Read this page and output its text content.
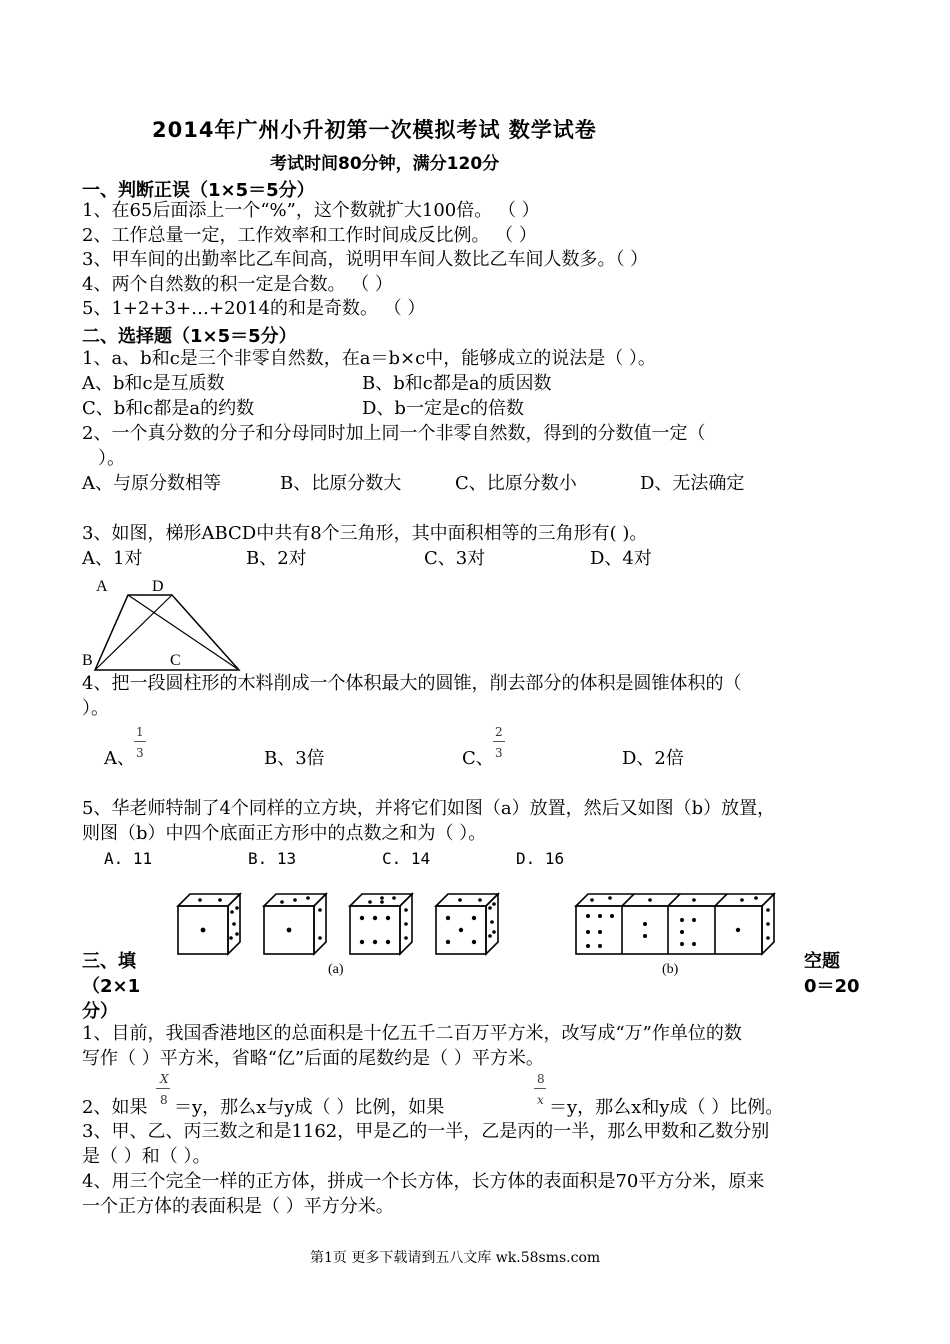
2014年广州小升初第一次模拟考试 数学试卷
考试时间80分钟，满分120分
一、判断正误（1×5＝5分）
1、在65后面添上一个“%”，这个数就扩大100倍。 （ ）
2、工作总量一定，工作效率和工作时间成反比例。 （ ）
3、甲车间的出勤率比乙车间高，说明甲车间人数比乙车间人数多。（ ）
4、两个自然数的积一定是合数。 （ ）
5、1+2+3+…+2014的和是奇数。 （ ）
二、选择题（1×5＝5分）
1、a、b和c是三个非零自然数，在a＝b×c中，能够成立的说法是（ ）。
A、b和c是互质数	B、b和c都是a的质因数
C、b和c都是a的约数	D、b一定是c的倍数
2、一个真分数的分子和分母同时加上同一个非零自然数，得到的分数值一定（
）。
A、与原分数相等	B、比原分数大	C、比原分数小	D、无法确定
3、如图，梯形ABCD中共有8个三角形，其中面积相等的三角形有( )。
A、1对	B、2对	C、3对	D、4对
A	D
B	C
4、把一段圆柱形的木料削成一个体积最大的圆锥，削去部分的体积是圆锥体积的（
）。
A、
1
3	B、3倍	C、
2
3	D、2倍
5、华老师特制了4个同样的立方块，并将它们如图（a）放置，然后又如图（b）放置，
则图（b）中四个底面正方形中的点数之和为（ ）。
A. 11	B. 13	C. 14	D. 16
(a)	(b)
三、填	空题
（2×1	0＝20
分）
1、目前，我国香港地区的总面积是十亿五千二百万平方米，改写成“万”作单位的数
写作（ ）平方米，省略“亿”后面的尾数约是（ ）平方米。
2、如果
X
8 ＝y，那么x与y成（ ）比例，如果
8
x ＝y，那么x和y成（ ）比例。
3、甲、乙、丙三数之和是1162，甲是乙的一半，乙是丙的一半，那么甲数和乙数分别
是（ ）和（ ）。
4、用三个完全一样的正方体，拼成一个长方体，长方体的表面积是70平方分米，原来
一个正方体的表面积是（ ）平方分米。
第1页 更多下载请到五八文库 wk.58sms.com
